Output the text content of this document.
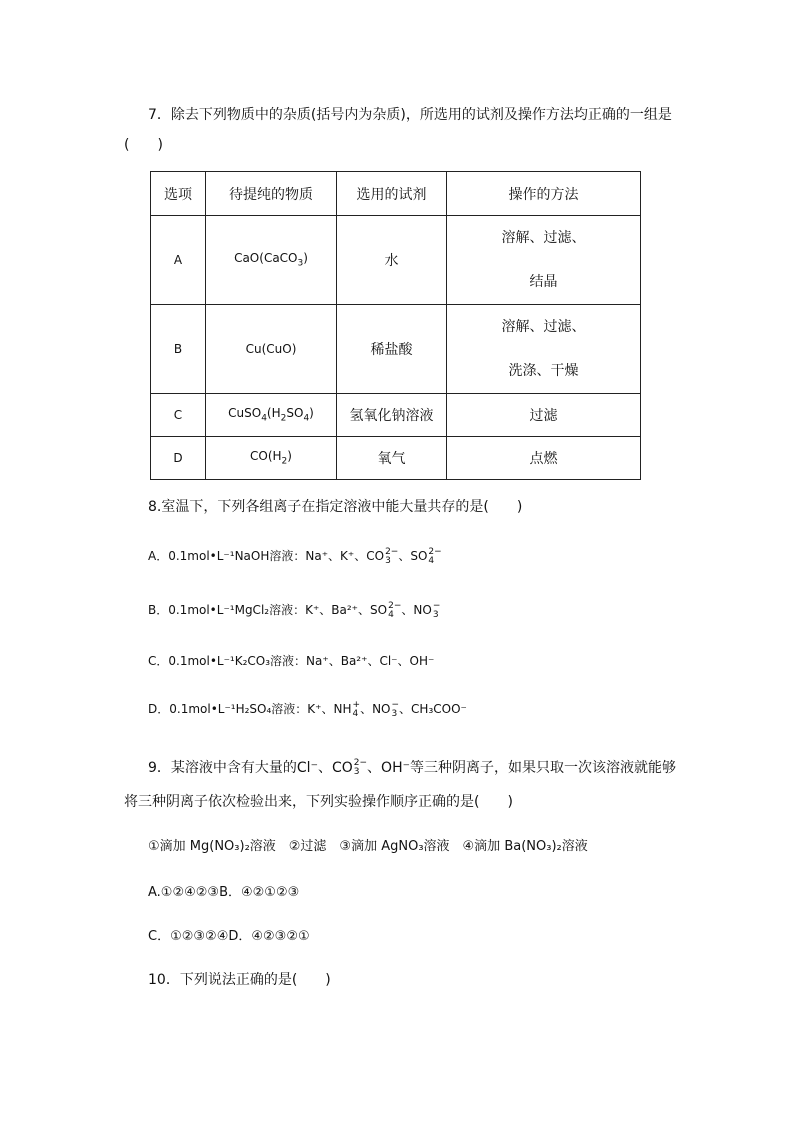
7．除去下列物质中的杂质(括号内为杂质)，所选用的试剂及操作方法均正确的一组是
(　　)
选项	待提纯的物质	选用的试剂	操作的方法
A	CaO(CaCO$_3$)	水	溶解、过滤、
结晶

B	Cu(CuO)	稀盐酸	溶解、过滤、
洗涤、干燥

C	$CuSO_4(H_2SO_4)$	氢氧化钠溶液	过滤
D	$CO(H_2)$	氧气	点燃
8.室温下，下列各组离子在指定溶液中能大量共存的是(　　)
A．0.1mol•L⁻¹NaOH溶液：Na⁺、K⁺、CO 2−
3 、SO 2−
4
B．0.1mol•L⁻¹MgCl₂溶液：K⁺、Ba²⁺、SO 2−
4 、NO −
3
C．0.1mol•L⁻¹K₂CO₃溶液：Na⁺、Ba²⁺、Cl⁻、OH⁻
D．0.1mol•L⁻¹H₂SO₄溶液：K⁺、NH +
4 、NO −
3 、CH₃COO⁻
9．某溶液中含有大量的Cl⁻、CO 2−
3 、OH⁻等三种阴离子，如果只取一次该溶液就能够
将三种阴离子依次检验出来，下列实验操作顺序正确的是(　　)
①滴加 Mg(NO₃)₂溶液　②过滤　③滴加 AgNO₃溶液　④滴加 Ba(NO₃)₂溶液
A.①②④②③B．④②①②③
C．①②③②④D．④②③②①
10．下列说法正确的是(　　)
